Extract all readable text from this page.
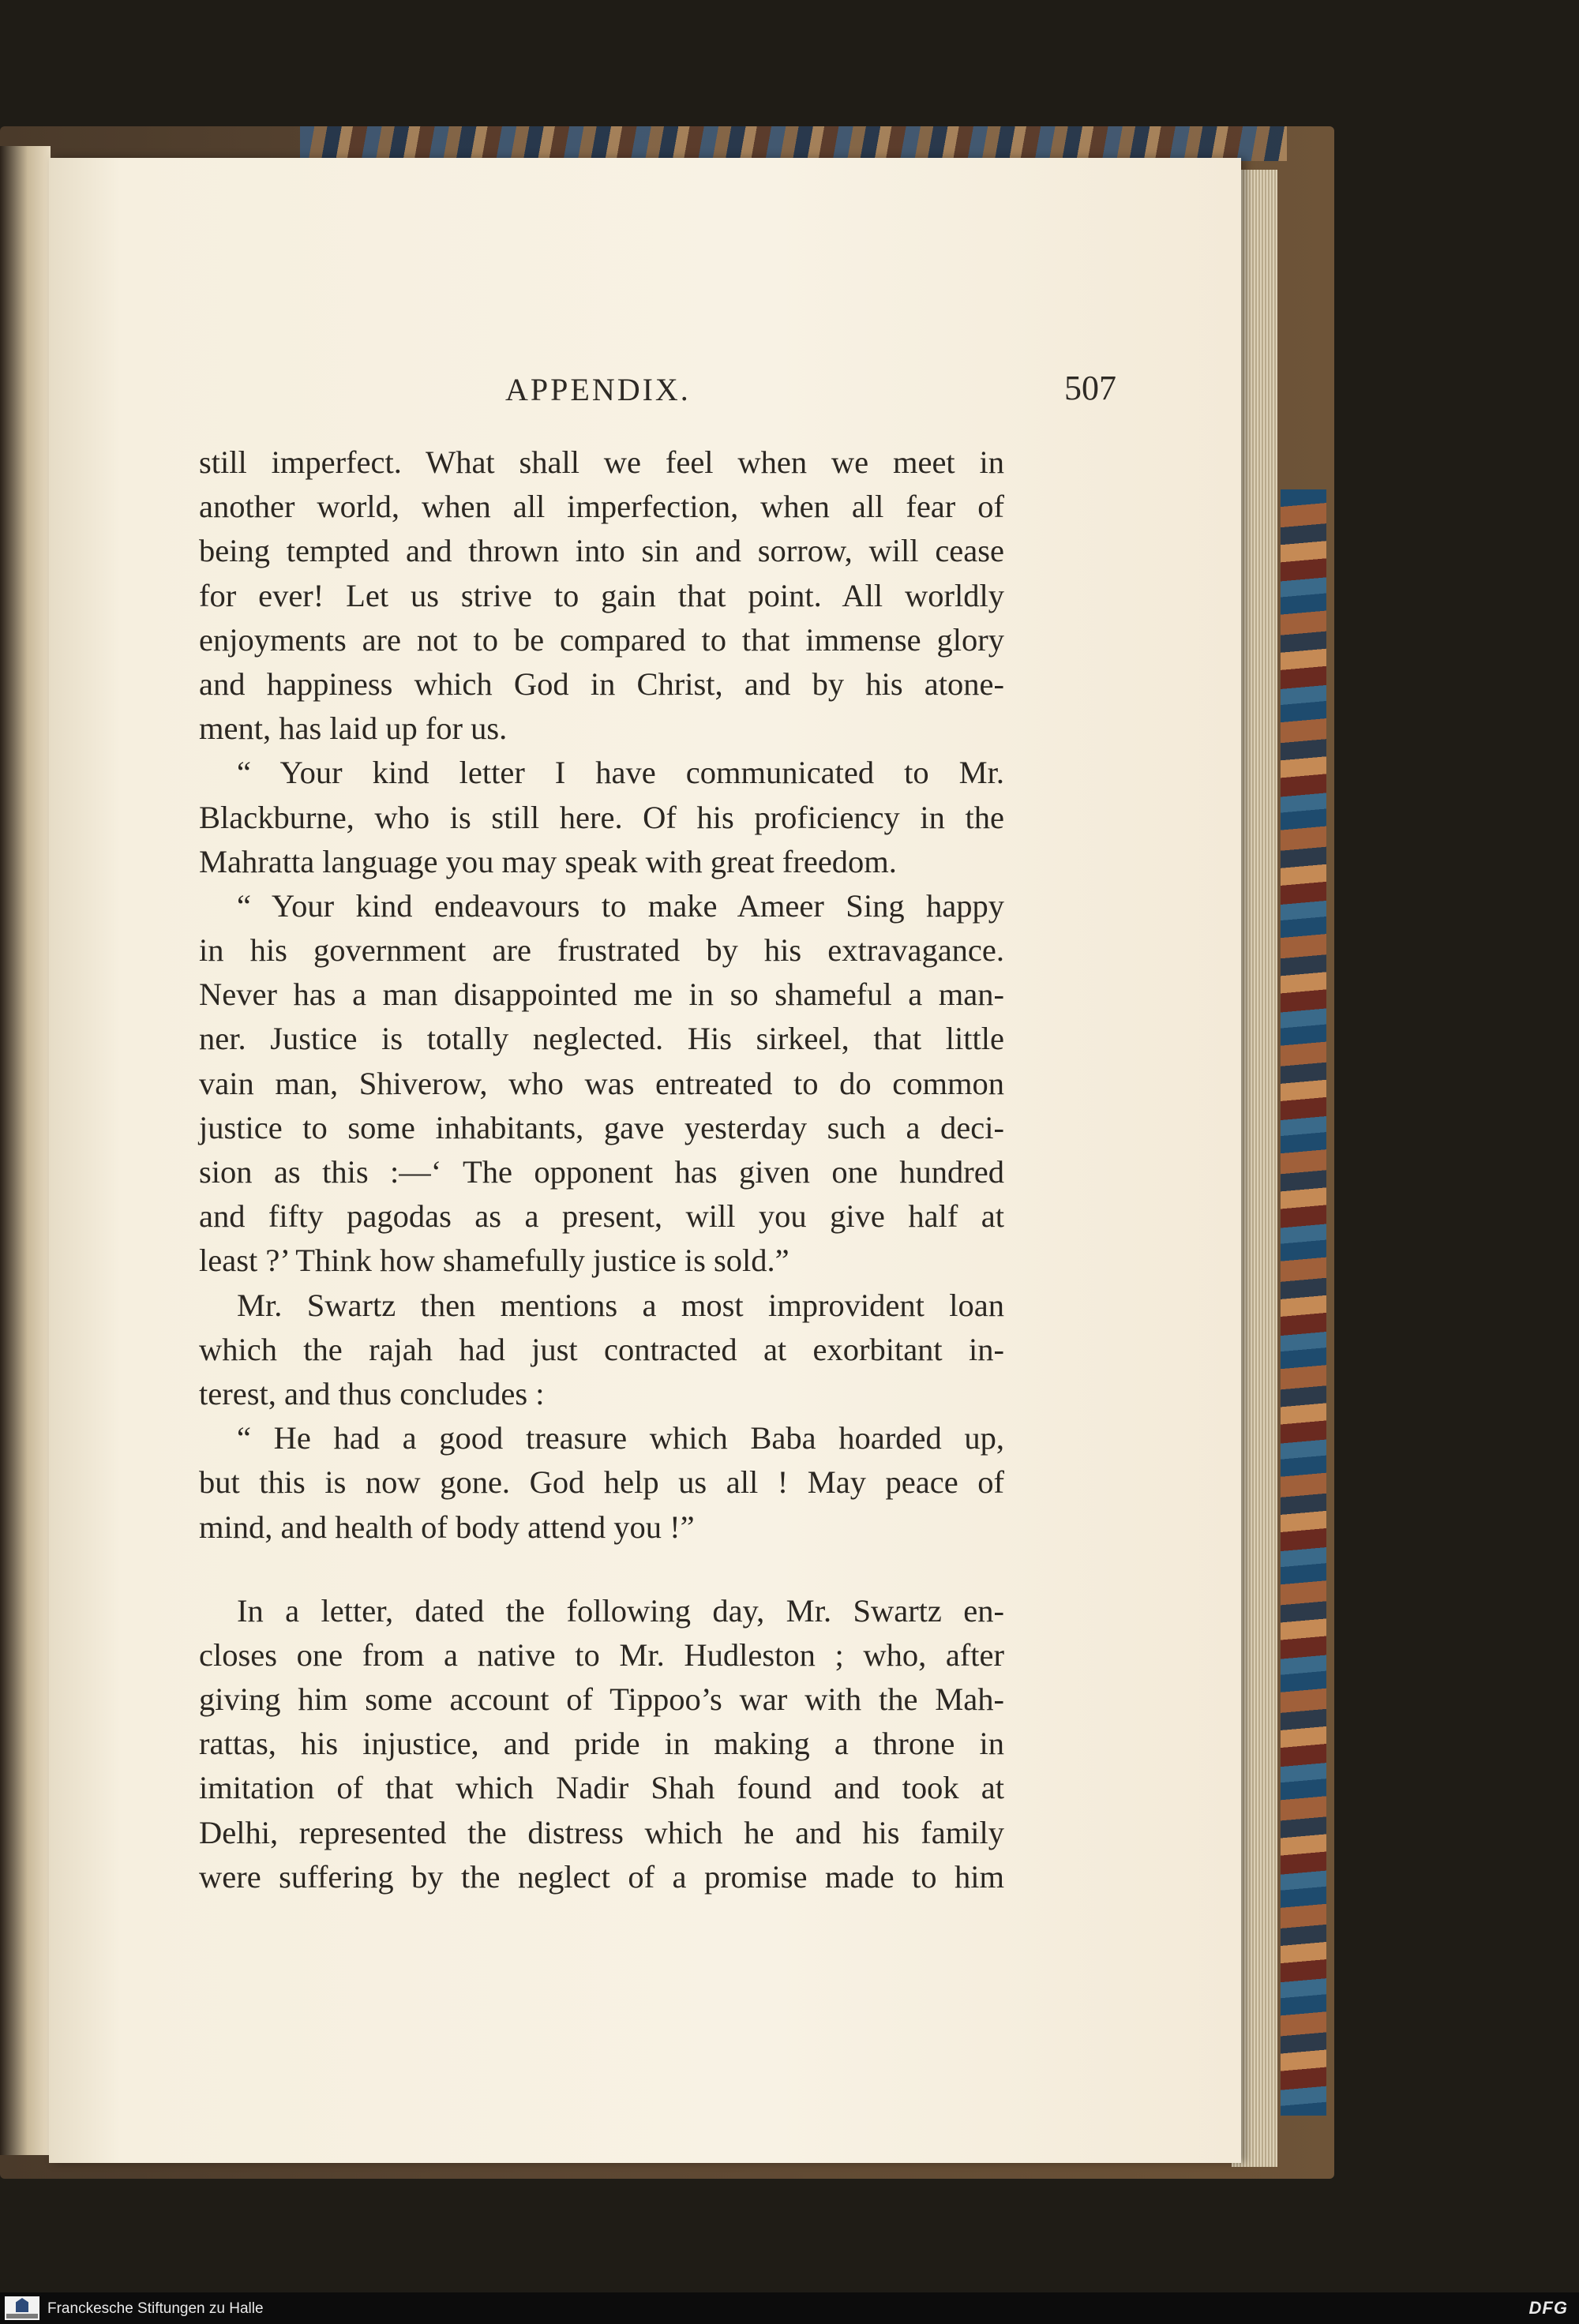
APPENDIX.	507
still imperfect. What shall we feel when we meet in
another world, when all imperfection, when all fear of
being tempted and thrown into sin and sorrow, will cease
for ever! Let us strive to gain that point. All worldly
enjoyments are not to be compared to that immense glory
and happiness which God in Christ, and by his atone-
ment, has laid up for us.
“ Your kind letter I have communicated to Mr.
Blackburne, who is still here. Of his proficiency in the
Mahratta language you may speak with great freedom.
“ Your kind endeavours to make Ameer Sing happy
in his government are frustrated by his extravagance.
Never has a man disappointed me in so shameful a man-
ner. Justice is totally neglected. His sirkeel, that little
vain man, Shiverow, who was entreated to do common
justice to some inhabitants, gave yesterday such a deci-
sion as this :—‘ The opponent has given one hundred
and fifty pagodas as a present, will you give half at
least ?’ Think how shamefully justice is sold.”
Mr. Swartz then mentions a most improvident loan
which the rajah had just contracted at exorbitant in-
terest, and thus concludes :
“ He had a good treasure which Baba hoarded up,
but this is now gone. God help us all ! May peace of
mind, and health of body attend you !”
In a letter, dated the following day, Mr. Swartz en-
closes one from a native to Mr. Hudleston ; who, after
giving him some account of Tippoo’s war with the Mah-
rattas, his injustice, and pride in making a throne in
imitation of that which Nadir Shah found and took at
Delhi, represented the distress which he and his family
were suffering by the neglect of a promise made to him
Franckesche Stiftungen zu Halle	DFG
